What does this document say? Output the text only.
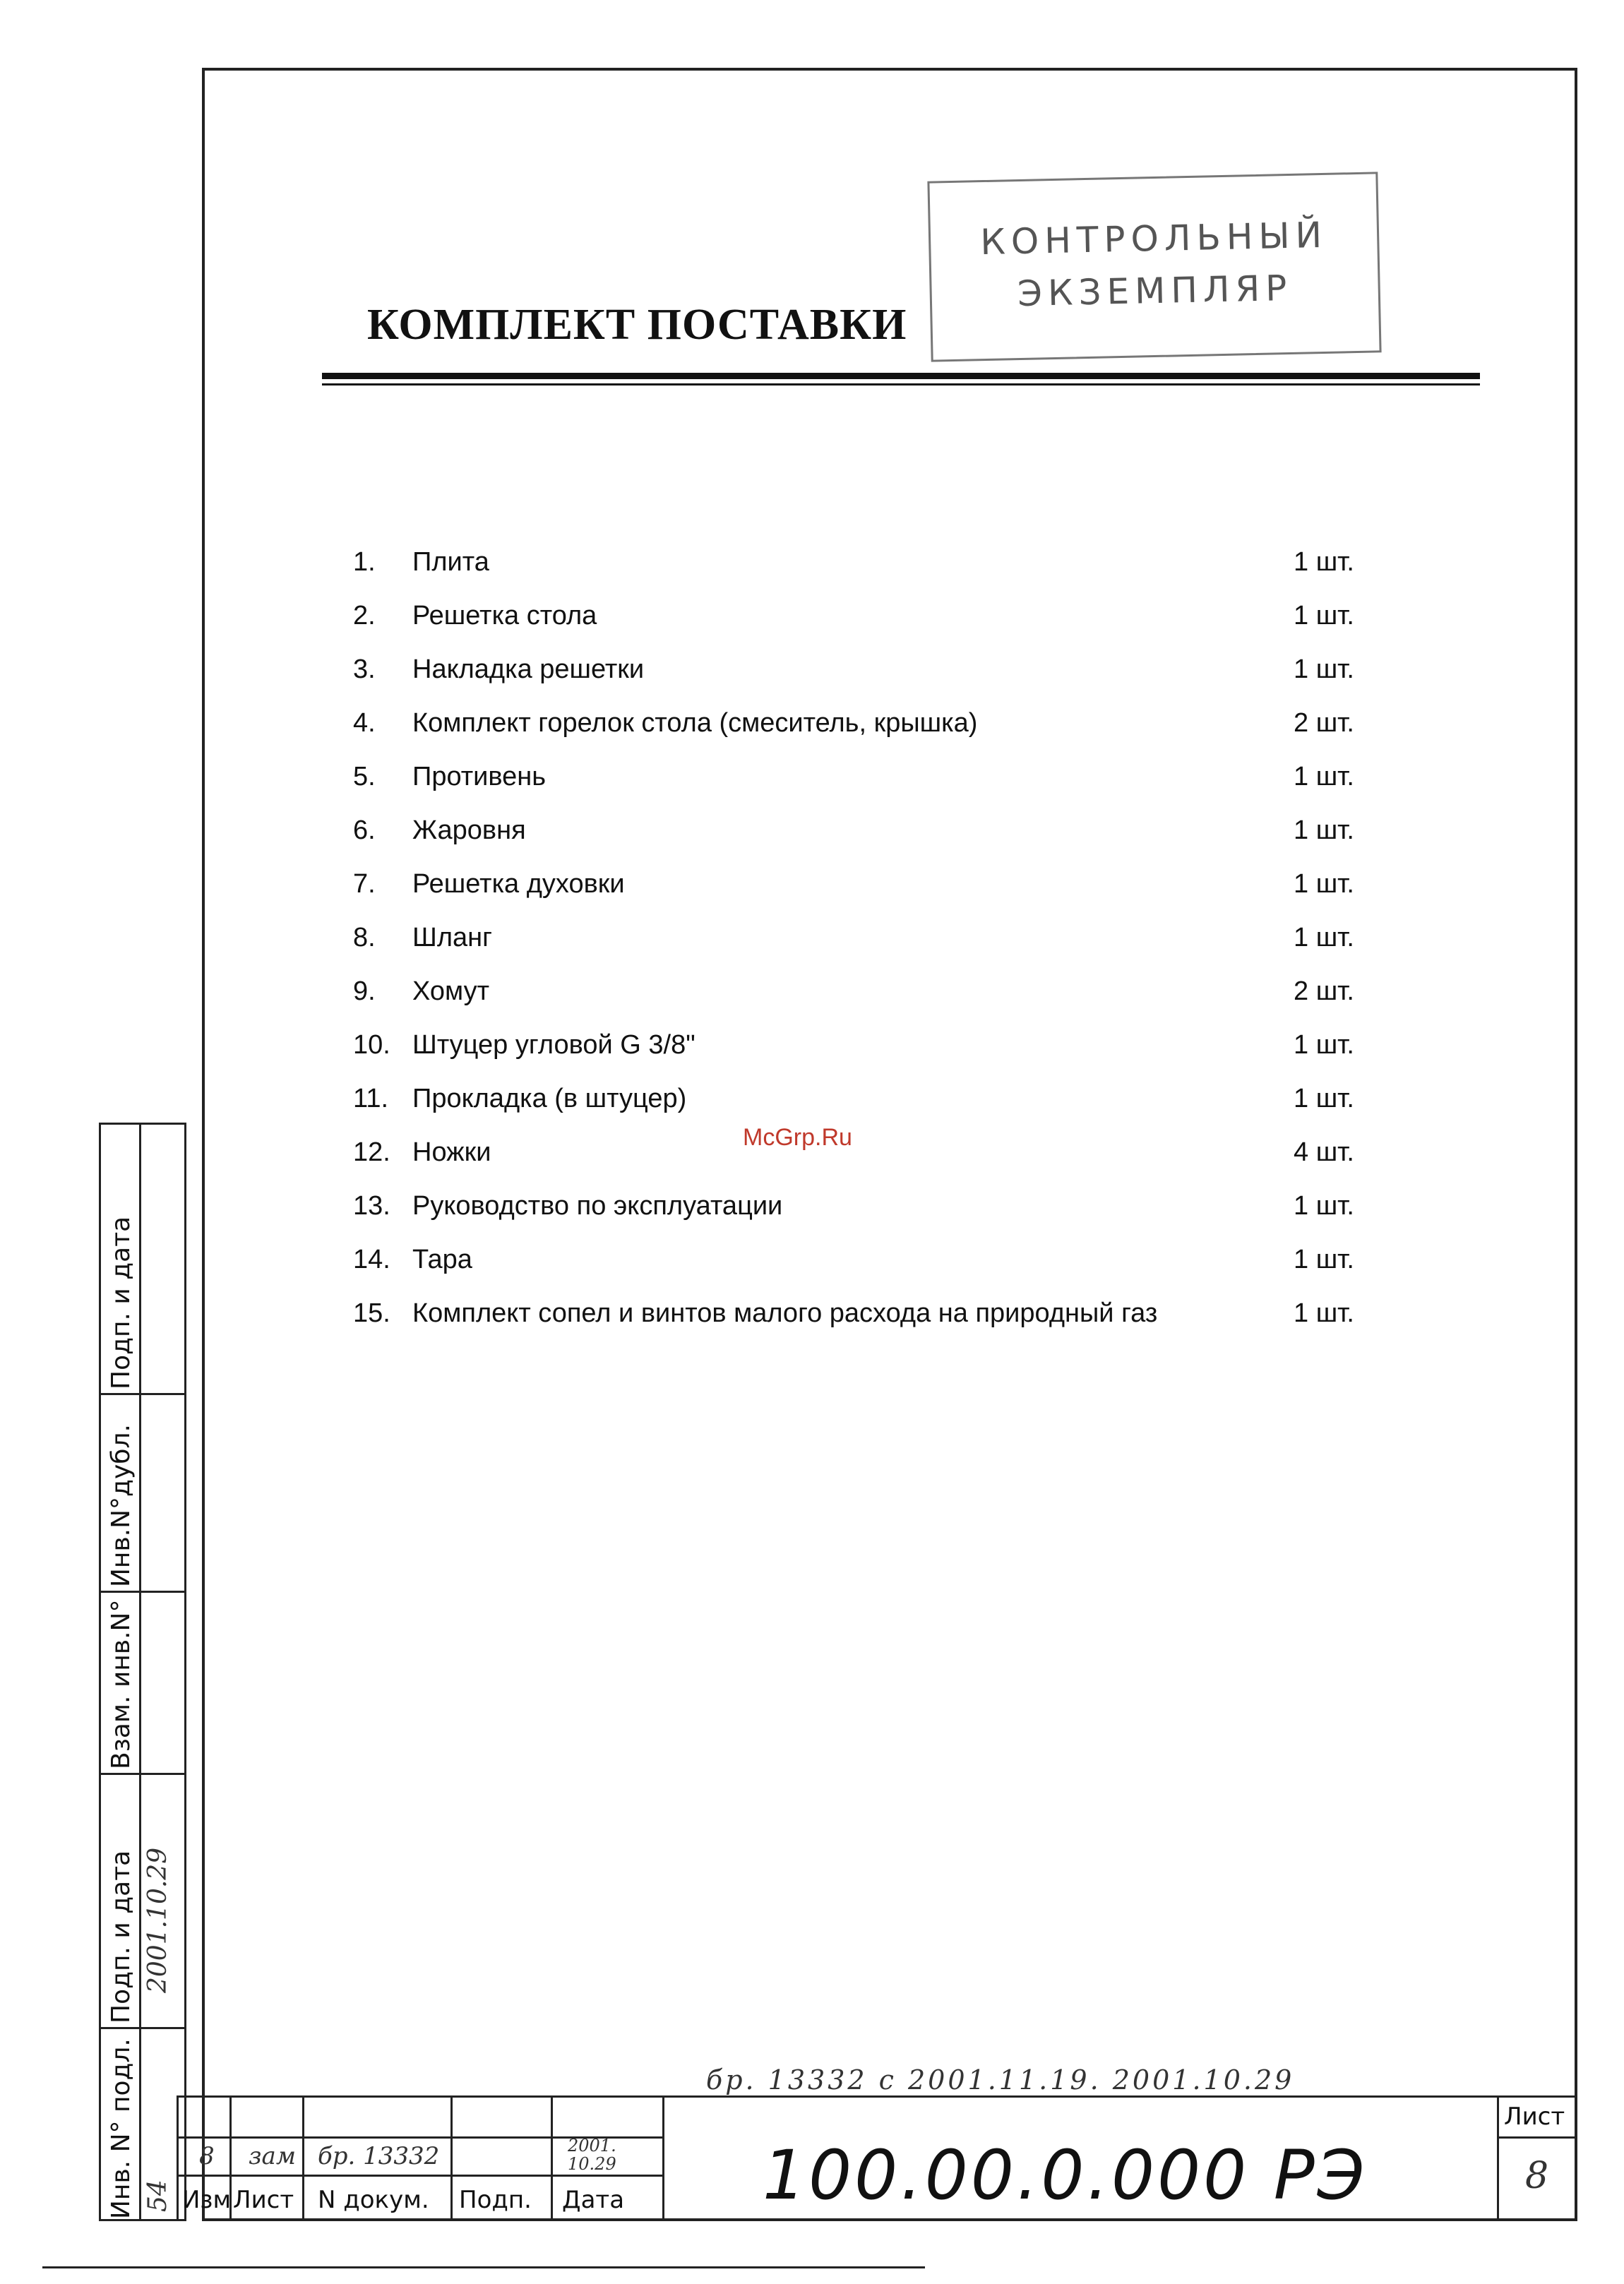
КОНТРОЛЬНЫЙ
ЭКЗЕМПЛЯР
КОМПЛЕКТ ПОСТАВКИ
1. Плита	1 шт.
2. Решетка стола	1 шт.
3. Накладка решетки	1 шт.
4. Комплект горелок стола (смеситель, крышка)	2 шт.
5. Противень	1 шт.
6. Жаровня	1 шт.
7. Решетка духовки	1 шт.
8. Шланг	1 шт.
9. Хомут	2 шт.
10. Штуцер угловой G 3/8"	1 шт.
11. Прокладка (в штуцер)	1 шт.
12. Ножки	4 шт.
13. Руководство по эксплуатации	1 шт.
14. Тара	1 шт.
15. Комплект сопел и винтов малого расхода на природный газ	1 шт.
McGrp.Ru
Подп. и дата
Инв.N°дубл.
Взам. инв.N°
Подп. и дата
Инв. N° подл.
2001.10.29
54
бр. 13332 с 2001.11.19. 2001.10.29
8 зам бр. 13332	2001. 10.29
Изм Лист N докум. Подп. Дата
Лист
8
100.00.0.000 РЭ
